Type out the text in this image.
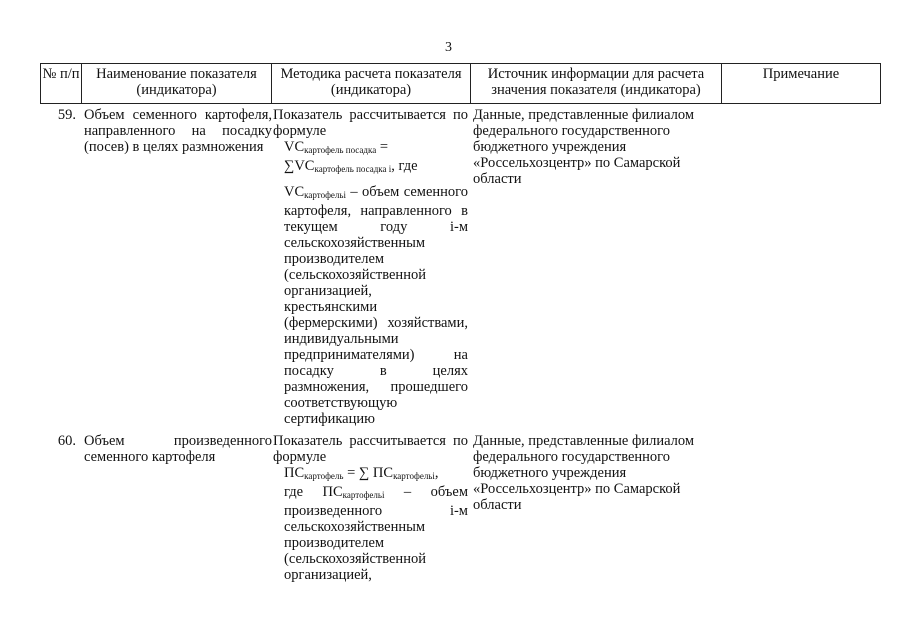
3
№ п/п	Наименование показателя (индикатора)
Методика расчета показателя (индикатора)
Источник информации для расчета значения показателя (индикатора)
Примечание
59. Объем семенного картофеля, направленного на посадку (посев) в целях размножения
Показатель рассчитывается по формуле
$VC_{картофель посадка}$ =
$\sum VC_{картофель посадка i}$, где
$VC_{картофельi}$ – объем семенного картофеля, направленного в текущем году i-м сельскохозяйственным производителем (сельскохозяйственной организацией, крестьянскими (фермерскими) хозяйствами, индивидуальными предпринимателями) на посадку в целях размножения, прошедшего соответствующую сертификацию
Данные, представленные филиалом федерального государственного бюджетного учреждения «Россельхозцентр» по Самарской области
60. Объем произведенного семенного картофеля
Показатель рассчитывается по формуле
$ПС_{картофель}$ = ∑ $ПС_{картофельi}$,
где $ПС_{картофельi}$ – объем произведенного i-м сельскохозяйственным производителем (сельскохозяйственной организацией,
Данные, представленные филиалом федерального государственного бюджетного учреждения «Россельхозцентр» по Самарской области
